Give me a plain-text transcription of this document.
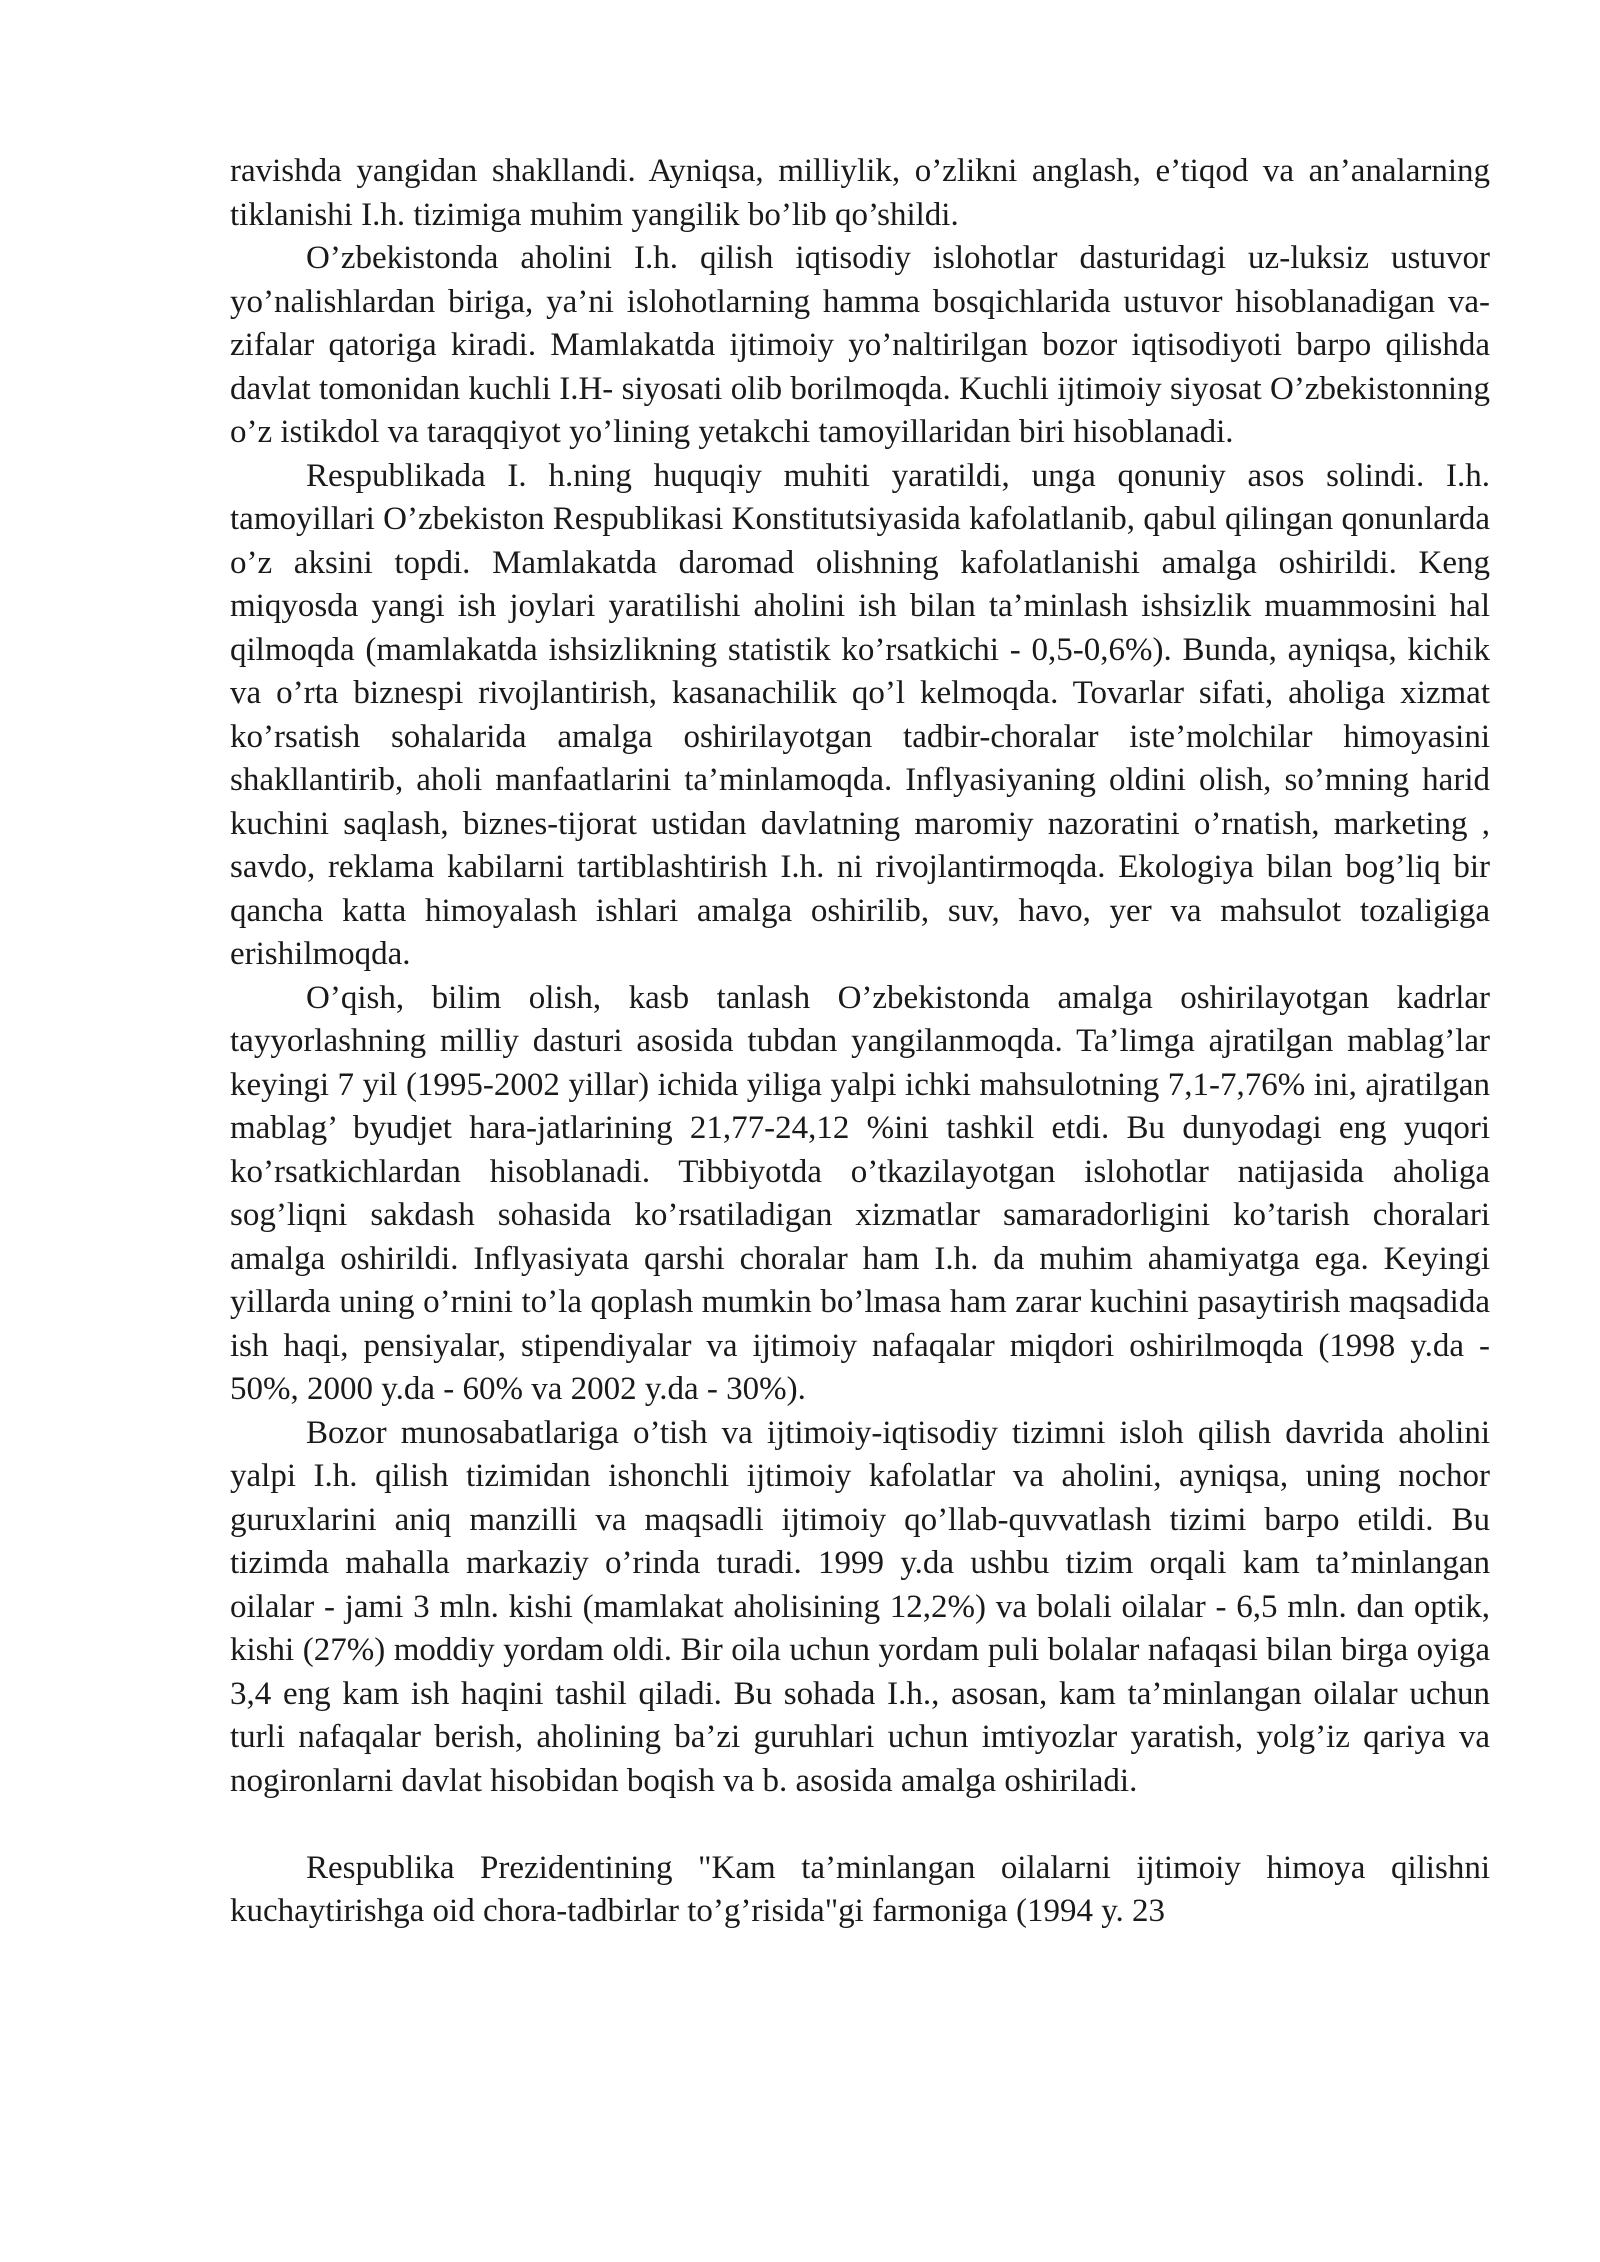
ravishda yangidan shakllandi. Ayniqsa, milliylik, o’zlikni anglash, e’tiqod va an’analarning tiklanishi I.h. tizimiga muhim yangilik bo’lib qo’shildi.

O’zbekistonda aholini I.h. qilish iqtisodiy islohotlar dasturidagi uz-luksiz ustuvor yo’nalishlardan biriga, ya’ni islohotlarning hamma bosqichlarida ustuvor hisoblanadigan va-zifalar qatoriga kiradi. Mamlakatda ijtimoiy yo’naltirilgan bozor iqtisodiyoti barpo qilishda davlat tomonidan kuchli I.H- siyosati olib borilmoqda. Kuchli ijtimoiy siyosat O’zbekistonning o’z istikdol va taraqqiyot yo’lining yetakchi tamoyillaridan biri hisoblanadi.

Respublikada I. h.ning huquqiy muhiti yaratildi, unga qonuniy asos solindi. I.h. tamoyillari O’zbekiston Respublikasi Konstitutsiyasida kafolatlanib, qabul qilingan qonunlarda o’z aksini topdi. Mamlakatda daromad olishning kafolatlanishi amalga oshirildi. Keng miqyosda yangi ish joylari yaratilishi aholini ish bilan ta’minlash ishsizlik muammosini hal qilmoqda (mamlakatda ishsizlikning statistik ko’rsatkichi - 0,5-0,6%). Bunda, ayniqsa, kichik va o’rta biznespi rivojlantirish, kasanachilik qo’l kelmoqda. Tovarlar sifati, aholiga xizmat ko’rsatish sohalarida amalga oshirilayotgan tadbir-choralar iste’molchilar himoyasini shakllantirib, aholi manfaatlarini ta’minlamoqda. Inflyasiyaning oldini olish, so’mning harid kuchini saqlash, biznes-tijorat ustidan davlatning maromiy nazoratini o’rnatish, marketing , savdo, reklama kabilarni tartiblashtirish I.h. ni rivojlantirmoqda. Ekologiya bilan bog’liq bir qancha katta himoyalash ishlari amalga oshirilib, suv, havo, yer va mahsulot tozaligiga erishilmoqda.

O’qish, bilim olish, kasb tanlash O’zbekistonda amalga oshirilayotgan kadrlar tayyorlashning milliy dasturi asosida tubdan yangilanmoqda. Ta’limga ajratilgan mablag’lar keyingi 7 yil (1995-2002 yillar) ichida yiliga yalpi ichki mahsulotning 7,1-7,76% ini, ajratilgan mablag’ byudjet hara-jatlarining 21,77-24,12 %ini tashkil etdi. Bu dunyodagi eng yuqori ko’rsatkichlardan hisoblanadi. Tibbiyotda o’tkazilayotgan islohotlar natijasida aholiga sog’liqni sakdash sohasida ko’rsatiladigan xizmatlar samaradorligini ko’tarish choralari amalga oshirildi. Inflyasiyata qarshi choralar ham I.h. da muhim ahamiyatga ega. Keyingi yillarda uning o’rnini to’la qoplash mumkin bo’lmasa ham zarar kuchini pasaytirish maqsadida ish haqi, pensiyalar, stipendiyalar va ijtimoiy nafaqalar miqdori oshirilmoqda (1998 y.da - 50%, 2000 y.da - 60% va 2002 y.da - 30%).

Bozor munosabatlariga o’tish va ijtimoiy-iqtisodiy tizimni isloh qilish davrida aholini yalpi I.h. qilish tizimidan ishonchli ijtimoiy kafolatlar va aholini, ayniqsa, uning nochor guruxlarini aniq manzilli va maqsadli ijtimoiy qo’llab-quvvatlash tizimi barpo etildi. Bu tizimda mahalla markaziy o’rinda turadi. 1999 y.da ushbu tizim orqali kam ta’minlangan oilalar - jami 3 mln. kishi (mamlakat aholisining 12,2%) va bolali oilalar - 6,5 mln. dan optik, kishi (27%) moddiy yordam oldi. Bir oila uchun yordam puli bolalar nafaqasi bilan birga oyiga 3,4 eng kam ish haqini tashil qiladi. Bu sohada I.h., asosan, kam ta’minlangan oilalar uchun turli nafaqalar berish, aholining ba’zi guruhlari uchun imtiyozlar yaratish, yolg’iz qariya va nogironlarni davlat hisobidan boqish va b. asosida amalga oshiriladi.

Respublika Prezidentining "Kam ta’minlangan oilalarni ijtimoiy himoya qilishni kuchaytirishga oid chora-tadbirlar to’g’risida"gi farmoniga (1994 y. 23
